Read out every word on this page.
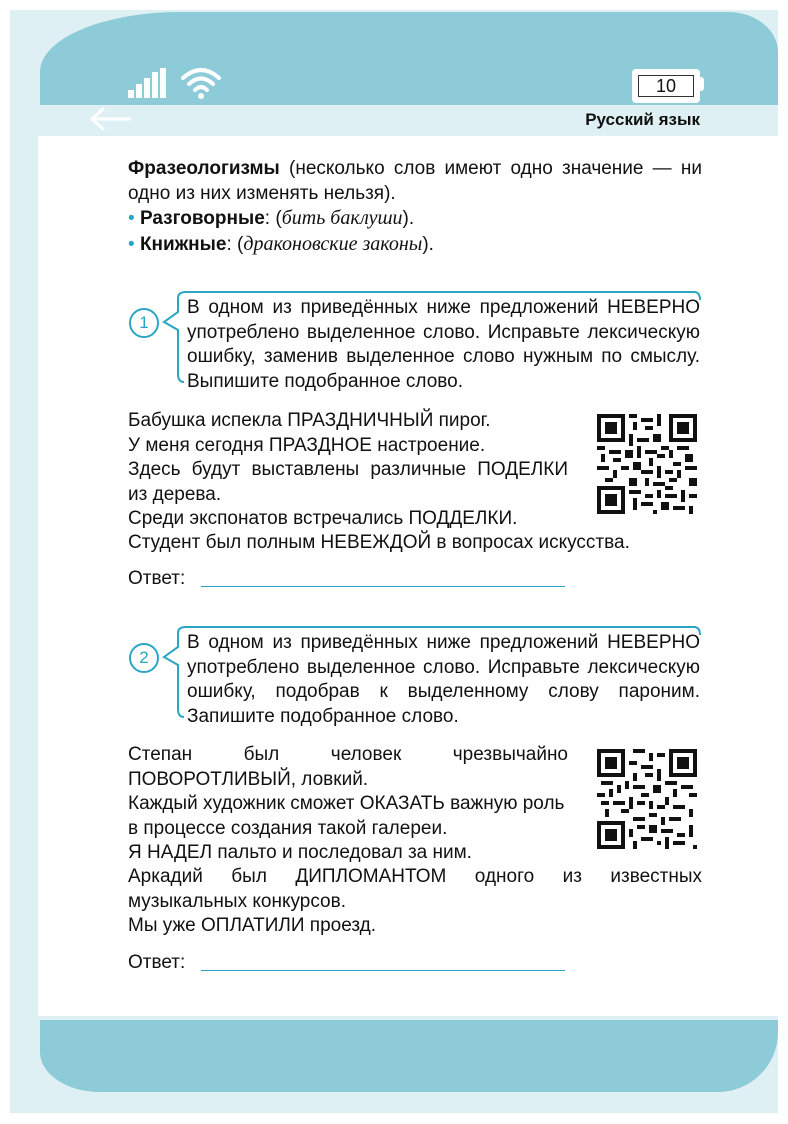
10
Русский язык

Фразеологизмы (несколько слов имеют одно значение — ни одно из них изменять нельзя).

• Разговорные: (бить баклуши).

• Книжные: (драконовские законы).

1
В одном из приведённых ниже предложений НЕВЕРНО употреблено выделенное слово. Исправьте лексическую ошибку, заменив выделенное слово нужным по смыслу. Выпишите подобранное слово.

Бабушка испекла ПРАЗДНИЧНЫЙ пирог.

У меня сегодня ПРАЗДНОЕ настроение.

Здесь будут выставлены различные ПОДЕЛКИ из дерева.

Среди экспонатов встречались ПОДДЕЛКИ.

Студент был полным НЕВЕЖДОЙ в вопросах искусства.
Ответ:
2
В одном из приведённых ниже предложений НЕВЕРНО употреблено выделенное слово. Исправьте лексическую ошибку, подобрав к выделенному слову пароним. Запишите подобранное слово.

Степан был человек чрезвычайно ПОВОРОТЛИВЫЙ, ловкий.

Каждый художник сможет ОКАЗАТЬ важную роль в процессе создания такой галереи.

Я НАДЕЛ пальто и последовал за ним.

Аркадий был ДИПЛОМАНТОМ одного из известных музыкальных конкурсов.
Мы уже ОПЛАТИЛИ проезд.
Ответ:
